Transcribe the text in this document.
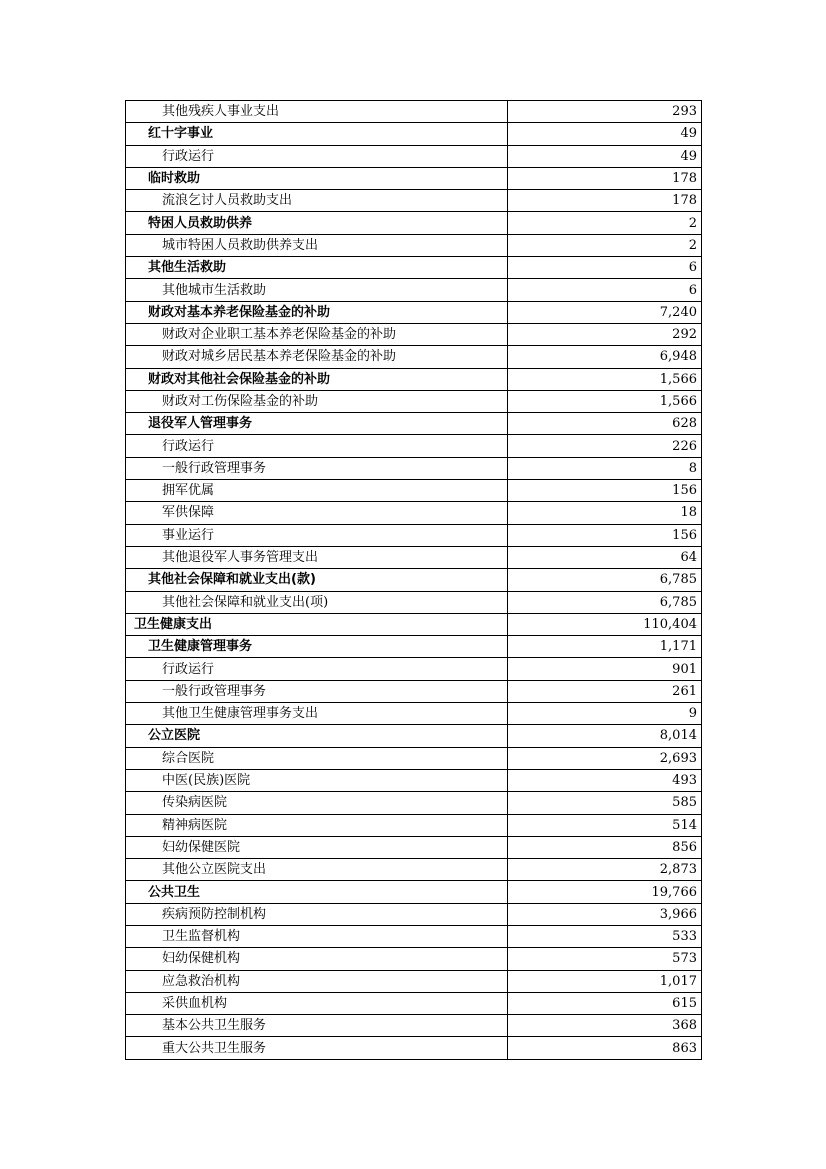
其他残疾人事业支出	293
红十字事业	49
行政运行	49
临时救助	178
流浪乞讨人员救助支出	178
特困人员救助供养	2
城市特困人员救助供养支出	2
其他生活救助	6
其他城市生活救助	6
财政对基本养老保险基金的补助	7,240
财政对企业职工基本养老保险基金的补助	292
财政对城乡居民基本养老保险基金的补助	6,948
财政对其他社会保险基金的补助	1,566
财政对工伤保险基金的补助	1,566
退役军人管理事务	628
行政运行	226
一般行政管理事务	8
拥军优属	156
军供保障	18
事业运行	156
其他退役军人事务管理支出	64
其他社会保障和就业支出(款)	6,785
其他社会保障和就业支出(项)	6,785
卫生健康支出	110,404
卫生健康管理事务	1,171
行政运行	901
一般行政管理事务	261
其他卫生健康管理事务支出	9
公立医院	8,014
综合医院	2,693
中医(民族)医院	493
传染病医院	585
精神病医院	514
妇幼保健医院	856
其他公立医院支出	2,873
公共卫生	19,766
疾病预防控制机构	3,966
卫生监督机构	533
妇幼保健机构	573
应急救治机构	1,017
采供血机构	615
基本公共卫生服务	368
重大公共卫生服务	863
